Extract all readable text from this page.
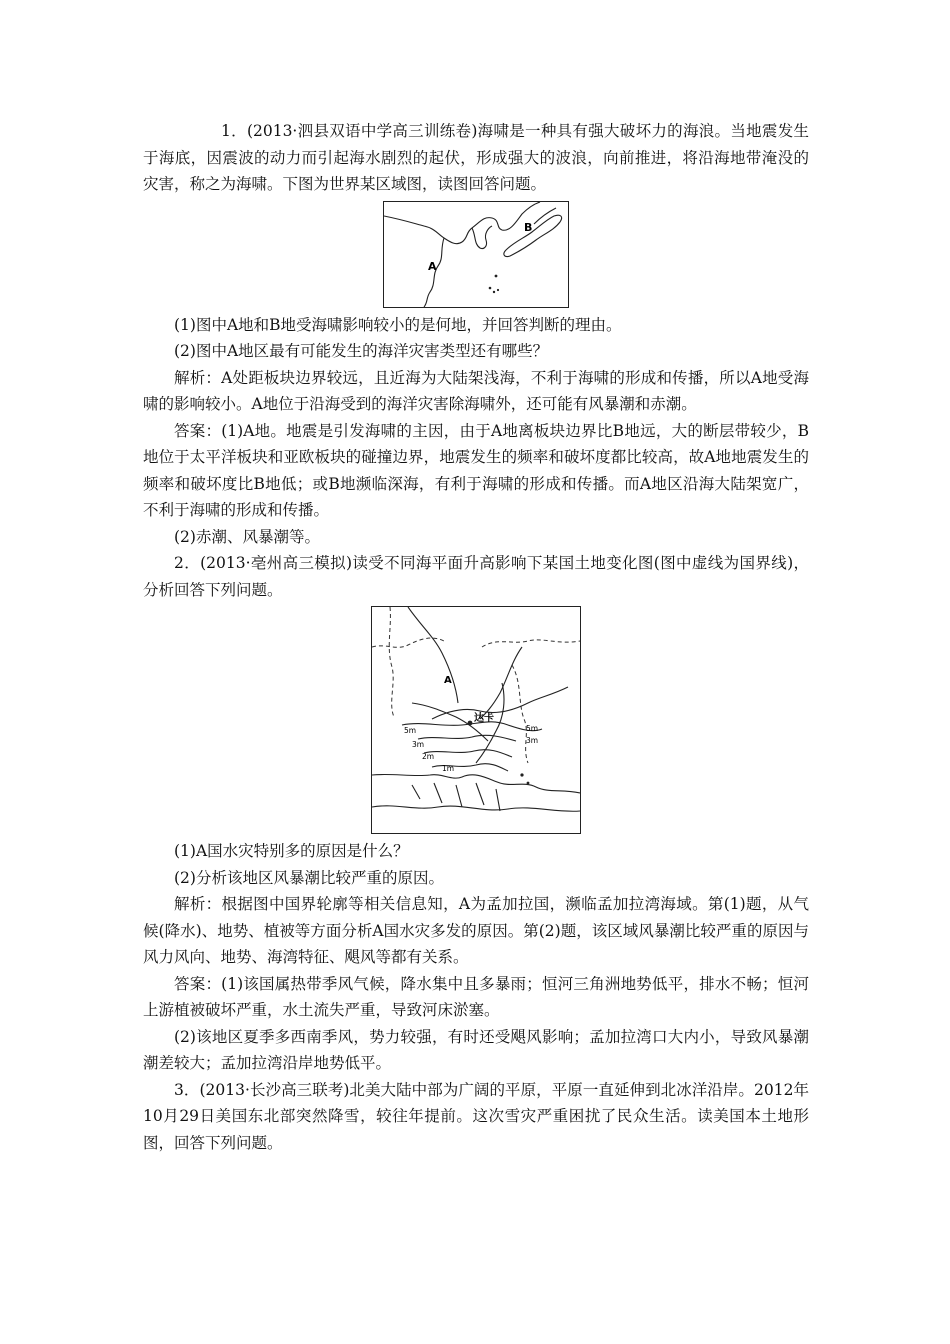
1．(2013·泗县双语中学高三训练卷)海啸是一种具有强大破坏力的海浪。当地震发生于海底，因震波的动力而引起海水剧烈的起伏，形成强大的波浪，向前推进，将沿海地带淹没的灾害，称之为海啸。下图为世界某区域图，读图回答问题。

B
A

(1)图中A地和B地受海啸影响较小的是何地，并回答判断的理由。

(2)图中A地区最有可能发生的海洋灾害类型还有哪些？

解析：A处距板块边界较远，且近海为大陆架浅海，不利于海啸的形成和传播，所以A地受海啸的影响较小。A地位于沿海受到的海洋灾害除海啸外，还可能有风暴潮和赤潮。

答案：(1)A地。地震是引发海啸的主因，由于A地离板块边界比B地远，大的断层带较少，B地位于太平洋板块和亚欧板块的碰撞边界，地震发生的频率和破坏度都比较高，故A地地震发生的频率和破坏度比B地低；或B地濒临深海，有利于海啸的形成和传播。而A地区沿海大陆架宽广，不利于海啸的形成和传播。

(2)赤潮、风暴潮等。

2．(2013·亳州高三模拟)读受不同海平面升高影响下某国土地变化图(图中虚线为国界线)，分析回答下列问题。

A
达卡
5m
3m
2m
1m
5m
3m

(1)A国水灾特别多的原因是什么？

(2)分析该地区风暴潮比较严重的原因。

解析：根据图中国界轮廓等相关信息知，A为孟加拉国，濒临孟加拉湾海域。第(1)题，从气候(降水)、地势、植被等方面分析A国水灾多发的原因。第(2)题，该区域风暴潮比较严重的原因与风力风向、地势、海湾特征、飓风等都有关系。

答案：(1)该国属热带季风气候，降水集中且多暴雨；恒河三角洲地势低平，排水不畅；恒河上游植被破坏严重，水土流失严重，导致河床淤塞。

(2)该地区夏季多西南季风，势力较强，有时还受飓风影响；孟加拉湾口大内小，导致风暴潮潮差较大；孟加拉湾沿岸地势低平。

3．(2013·长沙高三联考)北美大陆中部为广阔的平原，平原一直延伸到北冰洋沿岸。2012年10月29日美国东北部突然降雪，较往年提前。这次雪灾严重困扰了民众生活。读美国本土地形图，回答下列问题。
